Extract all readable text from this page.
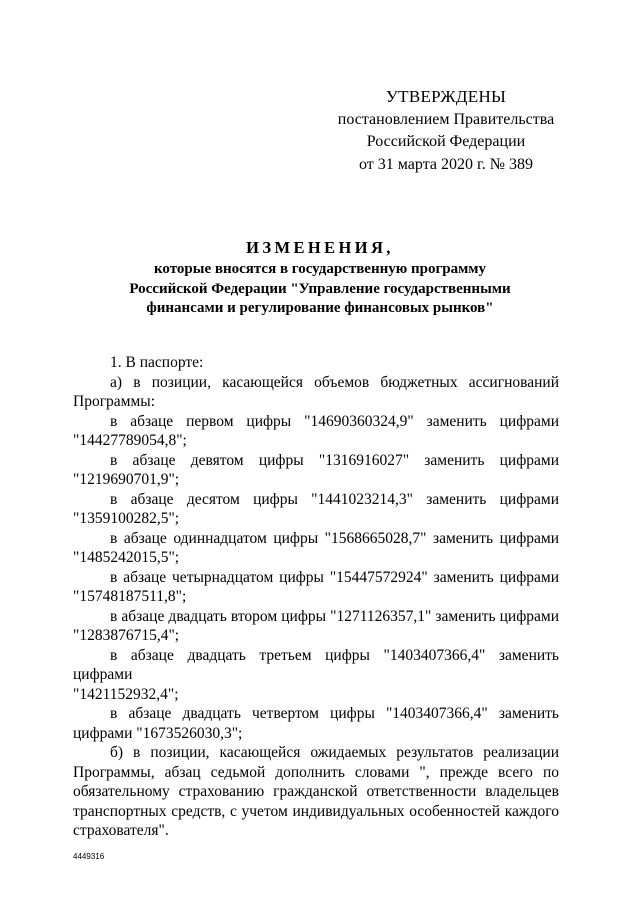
УТВЕРЖДЕНЫ
постановлением Правительства
Российской Федерации
от 31 марта 2020 г. № 389
ИЗМЕНЕНИЯ,
которые вносятся в государственную программу
Российской Федерации "Управление государственными
финансами и регулирование финансовых рынков"

1. В паспорте:

а) в позиции, касающейся объемов бюджетных ассигнований

Программы:

в абзаце первом цифры "14690360324,9" заменить цифрами

"14427789054,8";

в абзаце девятом цифры "1316916027" заменить цифрами

"1219690701,9";

в абзаце десятом цифры "1441023214,3" заменить цифрами

"1359100282,5";

в абзаце одиннадцатом цифры "1568665028,7" заменить цифрами

"1485242015,5";

в абзаце четырнадцатом цифры "15447572924" заменить цифрами

"15748187511,8";

в абзаце двадцать втором цифры "1271126357,1" заменить цифрами

"1283876715,4";

в абзаце двадцать третьем цифры "1403407366,4" заменить цифрами

"1421152932,4";

в абзаце двадцать четвертом цифры "1403407366,4" заменить

цифрами "1673526030,3";

б) в позиции, касающейся ожидаемых результатов реализации

Программы, абзац седьмой дополнить словами ", прежде всего по

обязательному страхованию гражданской ответственности владельцев

транспортных средств, с учетом индивидуальных особенностей каждого

страхователя".

4449316
